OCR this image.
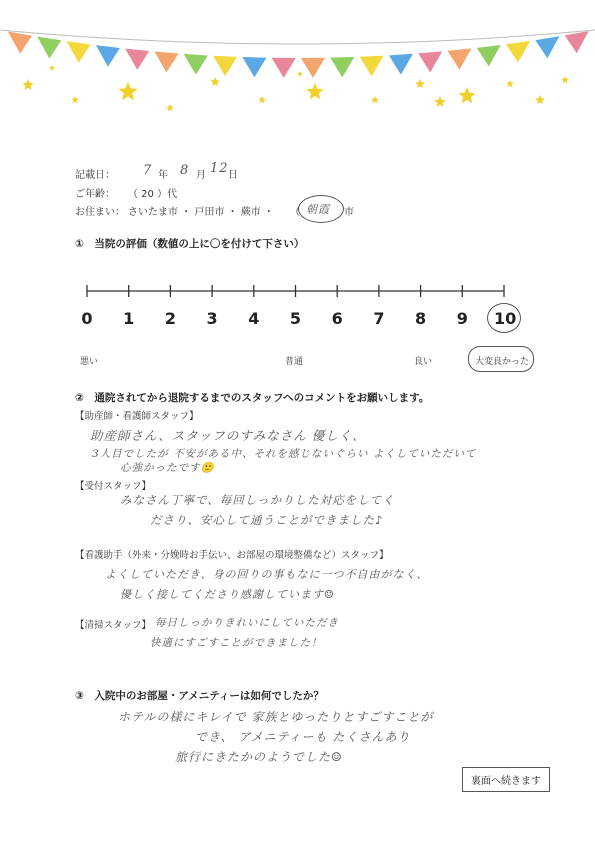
記載日： 7 年 8 月 12 日
ご年齢： （ 20 ）代
お住まい： さいたま市 ・ 戸田市 ・ 蕨市 ・ （ 朝霞 市
①　当院の評価（数値の上に〇を付けて下さい）
0 1 2 3 4 5 6 7 8 9 10
悪い	普通	良い	大変良かった
②　通院されてから退院するまでのスタッフへのコメントをお願いします。
【助産師・看護師スタッフ】
助産師さん、スタッフのすみなさん 優しく、
3人目でしたが 不安がある中、それを感じないぐらい よくしていただいて
心強かったです🙂
【受付スタッフ】
みなさん丁寧で、毎回しっかりした対応をしてく
ださり、安心して通うことができました♪
【看護助手（外来・分娩時お手伝い、お部屋の環境整備など）スタッフ】
よくしていただき、身の回りの事もなに一つ不自由がなく、
優しく接してくださり感謝しています☺
【清掃スタッフ】 毎日しっかりきれいにしていただき
快適にすごすことができました！
③　入院中のお部屋・アメニティーは如何でしたか？
ホテルの様にキレイで 家族とゆったりとすごすことが
でき、 アメニティーも たくさんあり
旅行にきたかのようでした☺
裏面へ続きます
